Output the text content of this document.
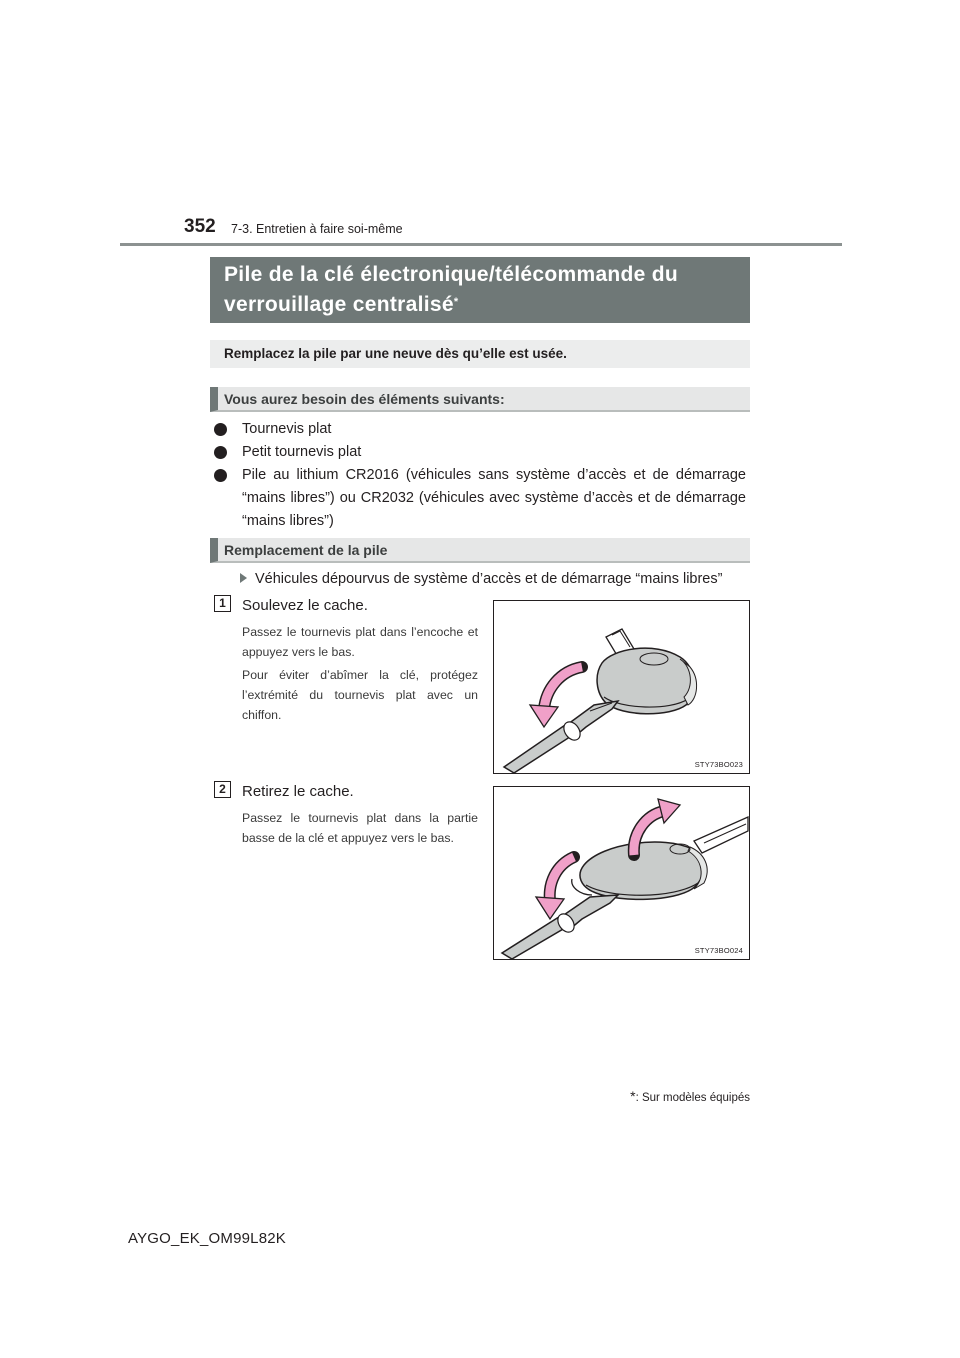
352 7-3. Entretien à faire soi-même
Pile de la clé électronique/télécommande du verrouillage centralisé*
Remplacez la pile par une neuve dès qu’elle est usée.
Vous aurez besoin des éléments suivants:
Tournevis plat
Petit tournevis plat
Pile au lithium CR2016 (véhicules sans système d’accès et de démarrage “mains libres”) ou CR2032 (véhicules avec système d’accès et de démarrage “mains libres”)
Remplacement de la pile
Véhicules dépourvus de système d’accès et de démarrage “mains libres”
1	Soulevez le cache.
Passez le tournevis plat dans l’encoche et appuyez vers le bas.
Pour éviter d’abîmer la clé, protégez l’extrémité du tournevis plat avec un chiffon.
STY73BO023
2	Retirez le cache.
Passez le tournevis plat dans la partie basse de la clé et appuyez vers le bas.
STY73BO024
*: Sur modèles équipés
AYGO_EK_OM99L82K
